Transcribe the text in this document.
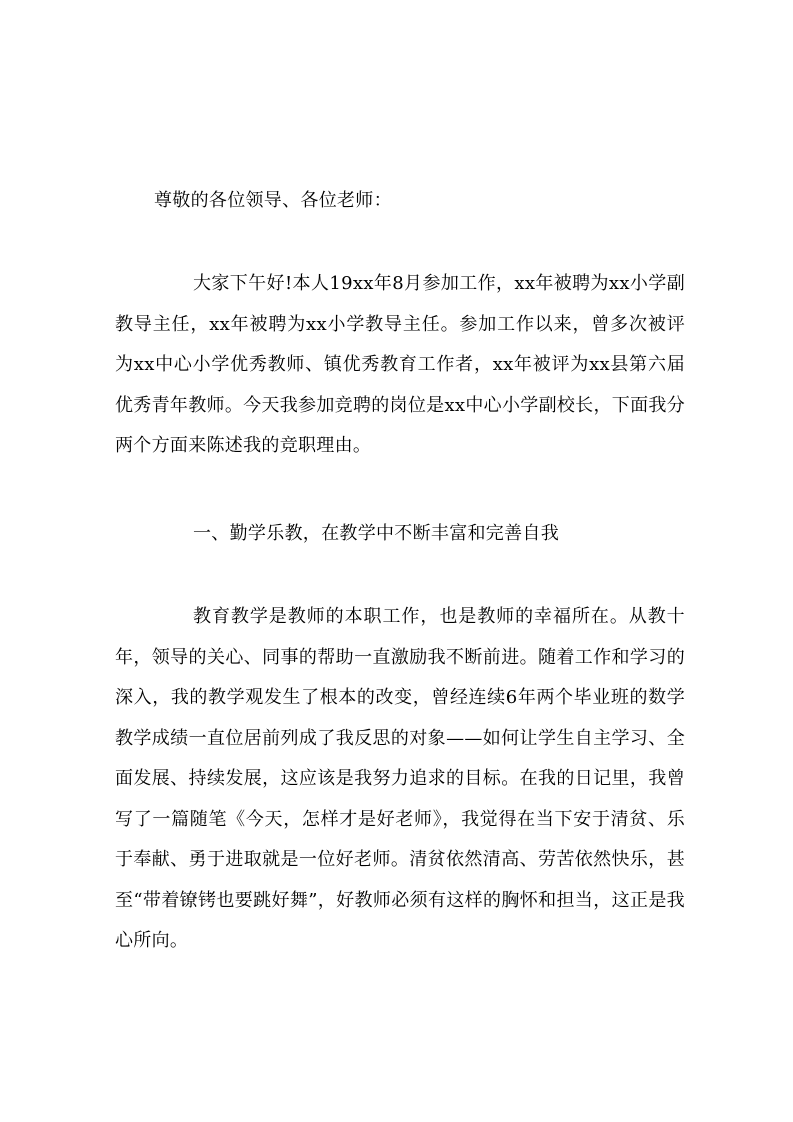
尊敬的各位领导、各位老师：
大家下午好!本人19xx年8月参加工作，xx年被聘为xx小学副教导主任，xx年被聘为xx小学教导主任。参加工作以来，曾多次被评为xx中心小学优秀教师、镇优秀教育工作者，xx年被评为xx县第六届优秀青年教师。今天我参加竞聘的岗位是xx中心小学副校长，下面我分两个方面来陈述我的竞职理由。
一、勤学乐教，在教学中不断丰富和完善自我
教育教学是教师的本职工作，也是教师的幸福所在。从教十年，领导的关心、同事的帮助一直激励我不断前进。随着工作和学习的深入，我的教学观发生了根本的改变，曾经连续6年两个毕业班的数学教学成绩一直位居前列成了我反思的对象——如何让学生自主学习、全面发展、持续发展，这应该是我努力追求的目标。在我的日记里，我曾写了一篇随笔《今天，怎样才是好老师》，我觉得在当下安于清贫、乐于奉献、勇于进取就是一位好老师。清贫依然清高、劳苦依然快乐，甚至“带着镣铐也要跳好舞”，好教师必须有这样的胸怀和担当，这正是我心所向。
